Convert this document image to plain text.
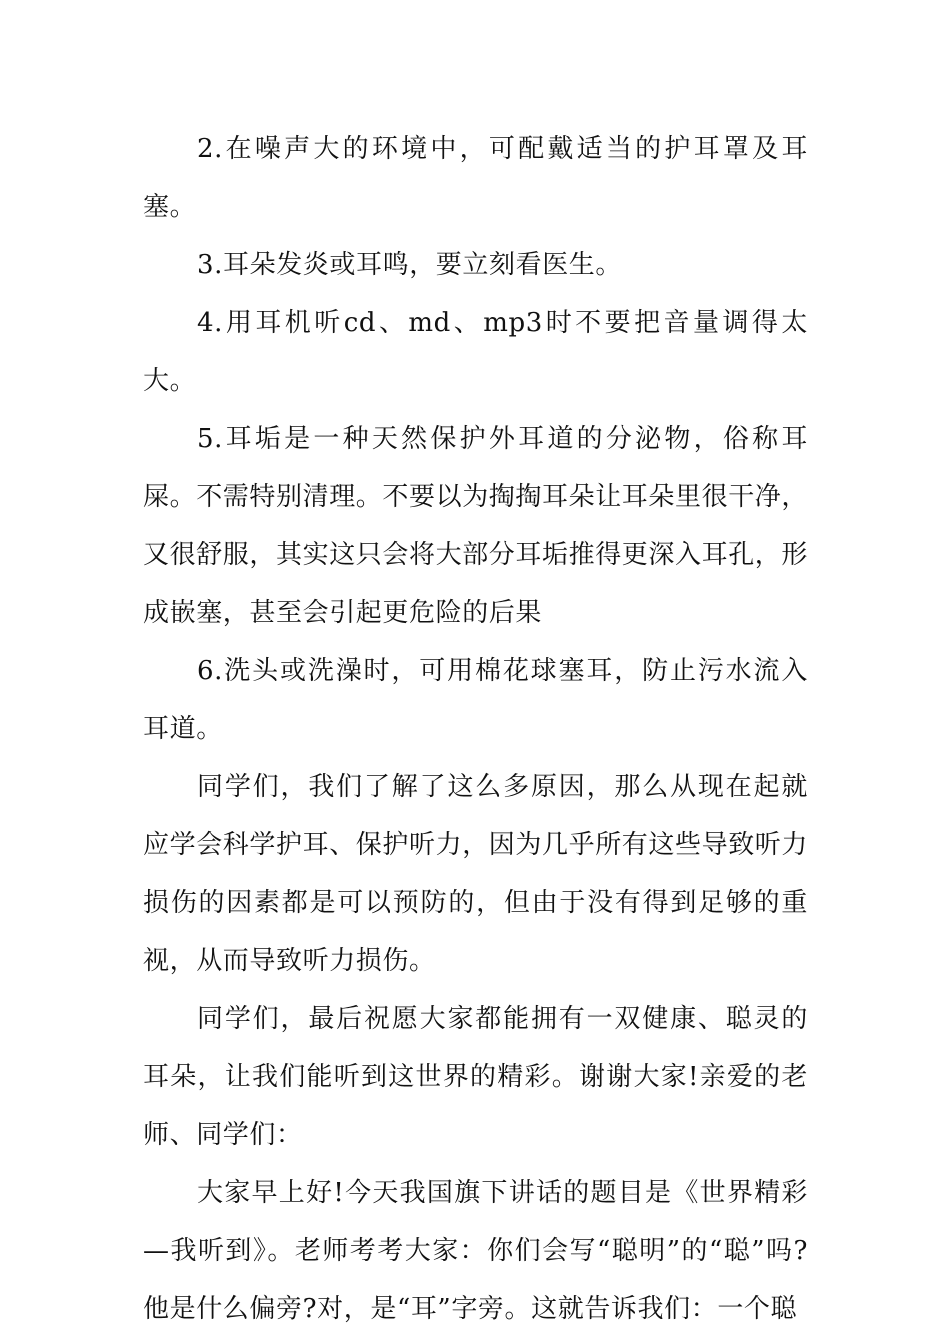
2.在噪声大的环境中，可配戴适当的护耳罩及耳塞。

3.耳朵发炎或耳鸣，要立刻看医生。

4.用耳机听cd、md、mp3时不要把音量调得太大。

5.耳垢是一种天然保护外耳道的分泌物，俗称耳屎。不需特别清理。不要以为掏掏耳朵让耳朵里很干净，又很舒服，其实这只会将大部分耳垢推得更深入耳孔，形成嵌塞，甚至会引起更危险的后果

6.洗头或洗澡时，可用棉花球塞耳，防止污水流入耳道。

同学们，我们了解了这么多原因，那么从现在起就应学会科学护耳、保护听力，因为几乎所有这些导致听力损伤的因素都是可以预防的，但由于没有得到足够的重视，从而导致听力损伤。

同学们，最后祝愿大家都能拥有一双健康、聪灵的耳朵，让我们能听到这世界的精彩。谢谢大家!亲爱的老师、同学们：

大家早上好!今天我国旗下讲话的题目是《世界精彩—我听到》。老师考考大家：你们会写“聪明”的“聪”吗?他是什么偏旁?对，是“耳”字旁。这就告诉我们：一个聪
